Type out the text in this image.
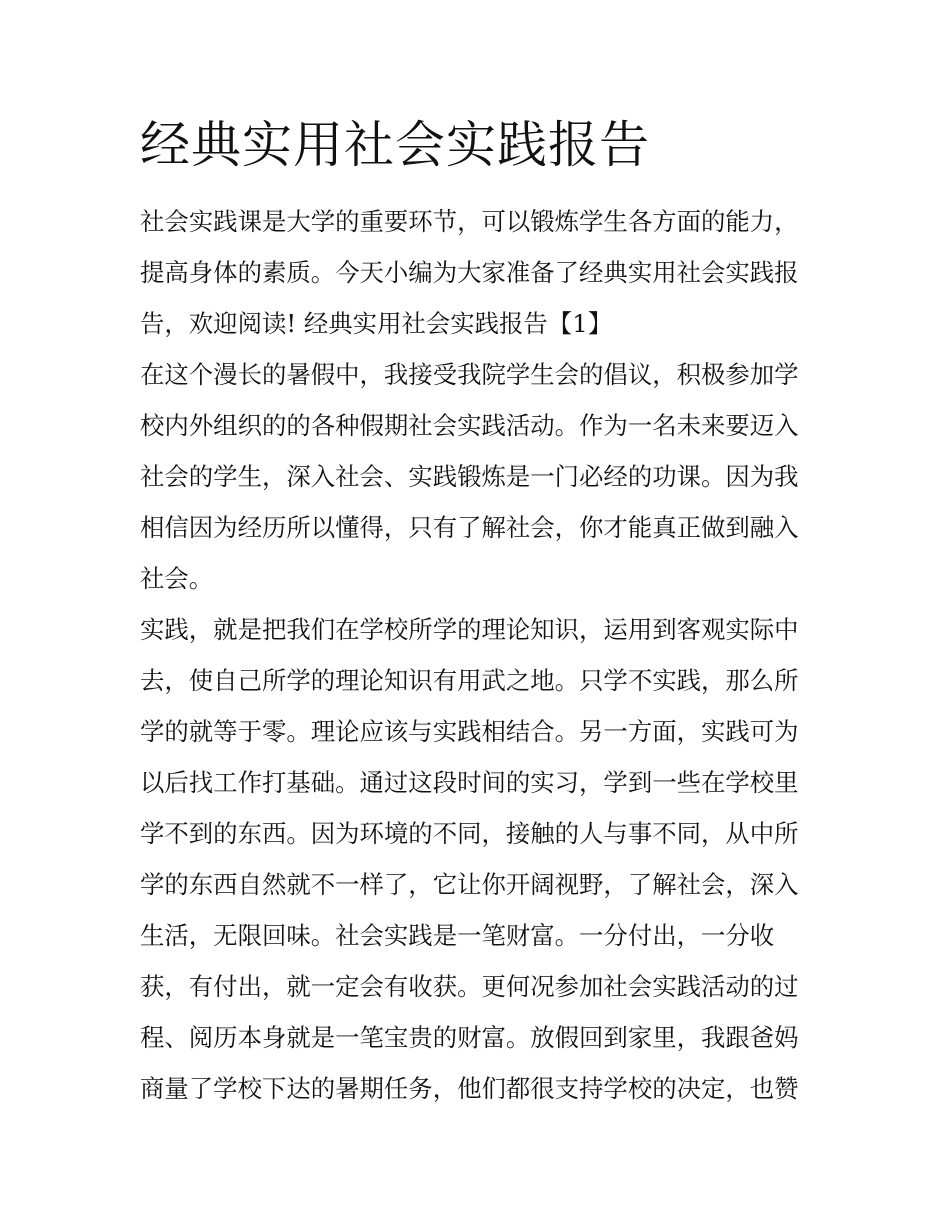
经典实用社会实践报告
社会实践课是大学的重要环节，可以锻炼学生各方面的能力，
提高身体的素质。今天小编为大家准备了经典实用社会实践报
告，欢迎阅读! 经典实用社会实践报告【1】
在这个漫长的暑假中，我接受我院学生会的倡议，积极参加学
校内外组织的的各种假期社会实践活动。作为一名未来要迈入
社会的学生，深入社会、实践锻炼是一门必经的功课。因为我
相信因为经历所以懂得，只有了解社会，你才能真正做到融入
社会。
实践，就是把我们在学校所学的理论知识，运用到客观实际中
去，使自己所学的理论知识有用武之地。只学不实践，那么所
学的就等于零。理论应该与实践相结合。另一方面，实践可为
以后找工作打基础。通过这段时间的实习，学到一些在学校里
学不到的东西。因为环境的不同，接触的人与事不同，从中所
学的东西自然就不一样了，它让你开阔视野，了解社会，深入
生活，无限回味。社会实践是一笔财富。一分付出，一分收
获，有付出，就一定会有收获。更何况参加社会实践活动的过
程、阅历本身就是一笔宝贵的财富。放假回到家里，我跟爸妈
商量了学校下达的暑期任务，他们都很支持学校的决定，也赞
